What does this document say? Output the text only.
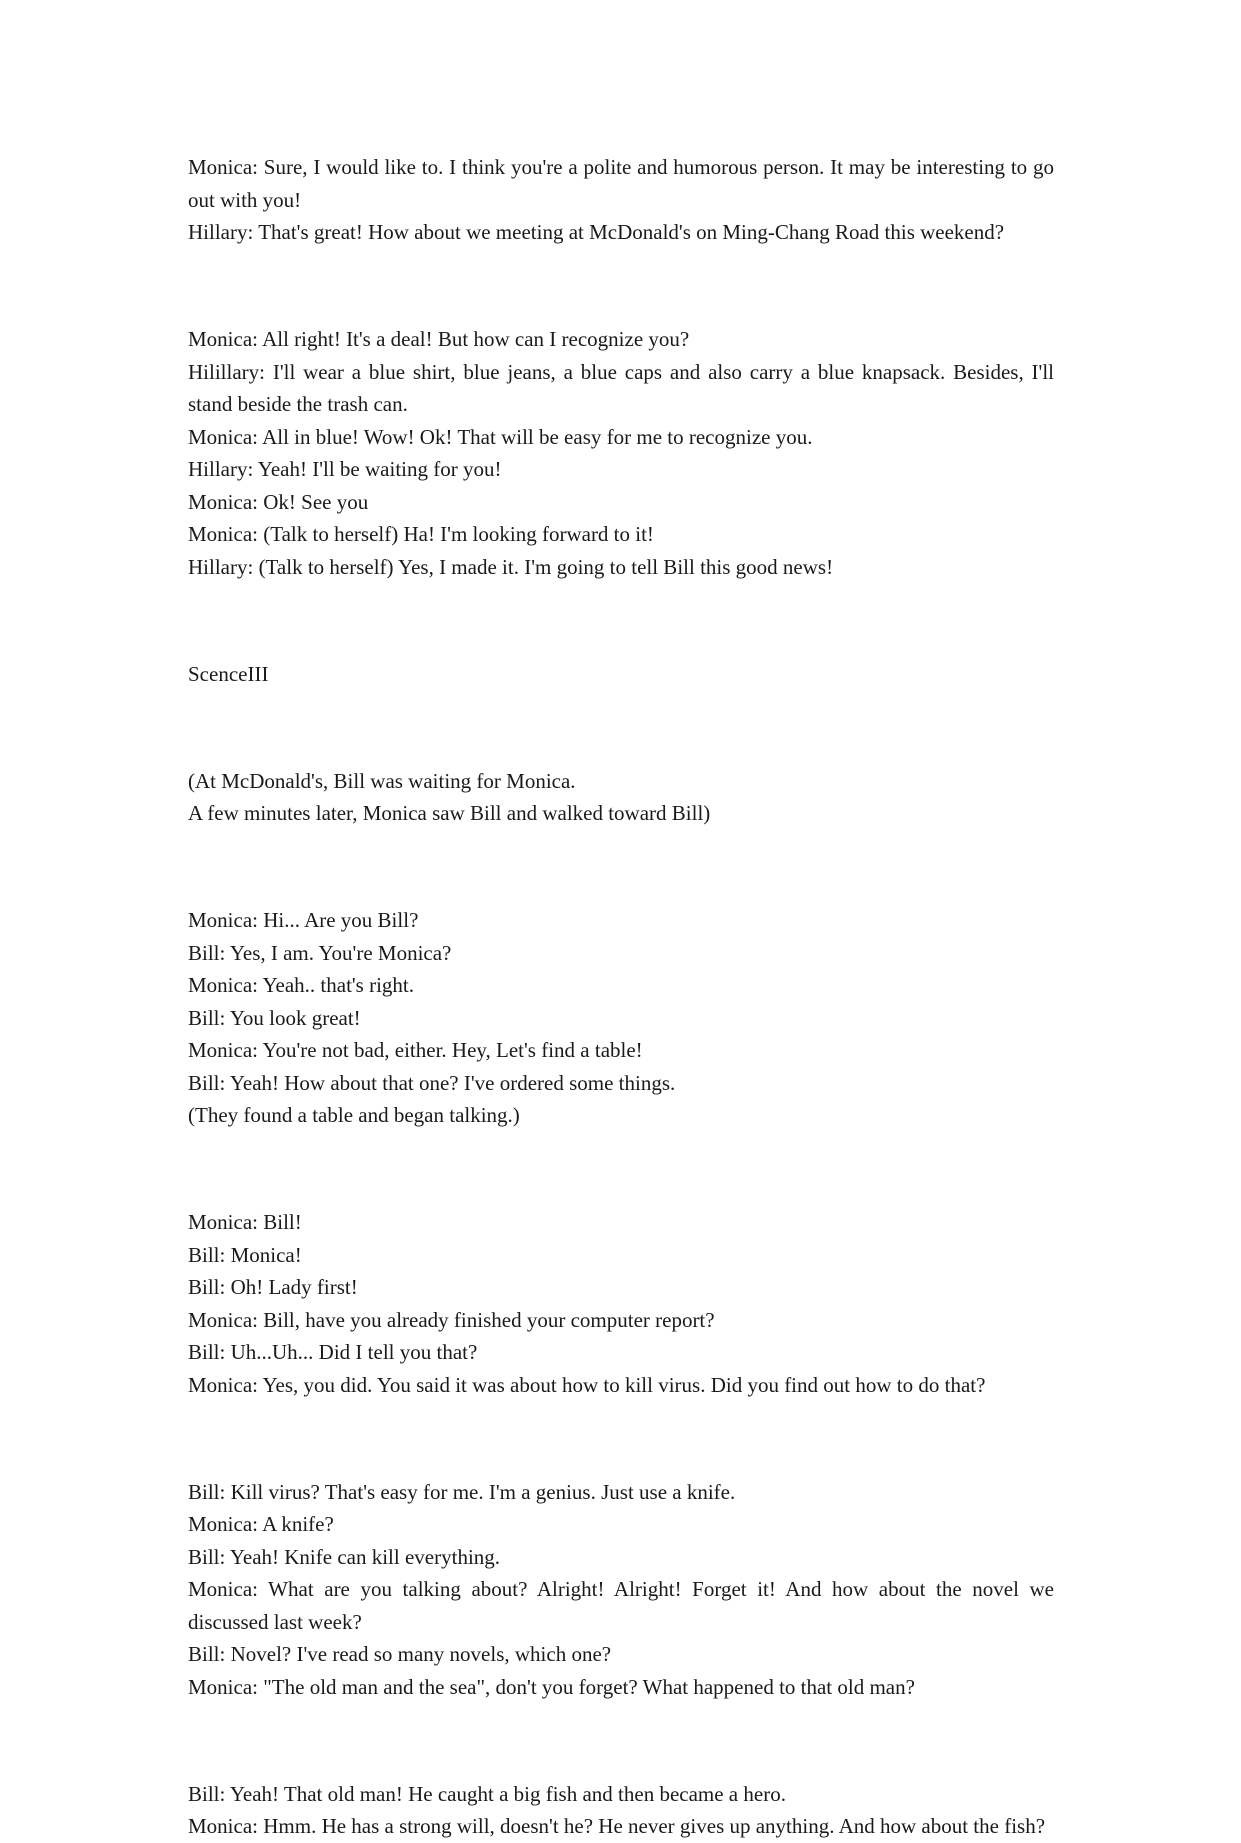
Monica: Sure, I would like to. I think you're a polite and humorous person. It may be interesting to go out with you!

Hillary: That's great! How about we meeting at McDonald's on Ming-Chang Road this weekend?

Monica: All right! It's a deal! But how can I recognize you?

Hilillary: I'll wear a blue shirt, blue jeans, a blue caps and also carry a blue knapsack. Besides, I'll stand beside the trash can.

Monica: All in blue! Wow! Ok! That will be easy for me to recognize you.

Hillary: Yeah! I'll be waiting for you!

Monica: Ok! See you

Monica: (Talk to herself) Ha! I'm looking forward to it!

Hillary: (Talk to herself) Yes, I made it. I'm going to tell Bill this good news!

ScenceIII

(At McDonald's, Bill was waiting for Monica.

A few minutes later, Monica saw Bill and walked toward Bill)

Monica: Hi... Are you Bill?

Bill: Yes, I am. You're Monica?

Monica: Yeah.. that's right.

Bill: You look great!

Monica: You're not bad, either. Hey, Let's find a table!

Bill: Yeah! How about that one? I've ordered some things.

(They found a table and began talking.)

Monica: Bill!

Bill: Monica!

Bill: Oh! Lady first!

Monica: Bill, have you already finished your computer report?

Bill: Uh...Uh... Did I tell you that?

Monica: Yes, you did. You said it was about how to kill virus. Did you find out how to do that?

Bill: Kill virus? That's easy for me. I'm a genius. Just use a knife.

Monica: A knife?

Bill: Yeah! Knife can kill everything.

Monica: What are you talking about? Alright! Alright! Forget it! And how about the novel we discussed last week?

Bill: Novel? I've read so many novels, which one?

Monica: "The old man and the sea", don't you forget? What happened to that old man?

Bill: Yeah! That old man! He caught a big fish and then became a hero.

Monica: Hmm. He has a strong will, doesn't he? He never gives up anything. And how about the fish?
